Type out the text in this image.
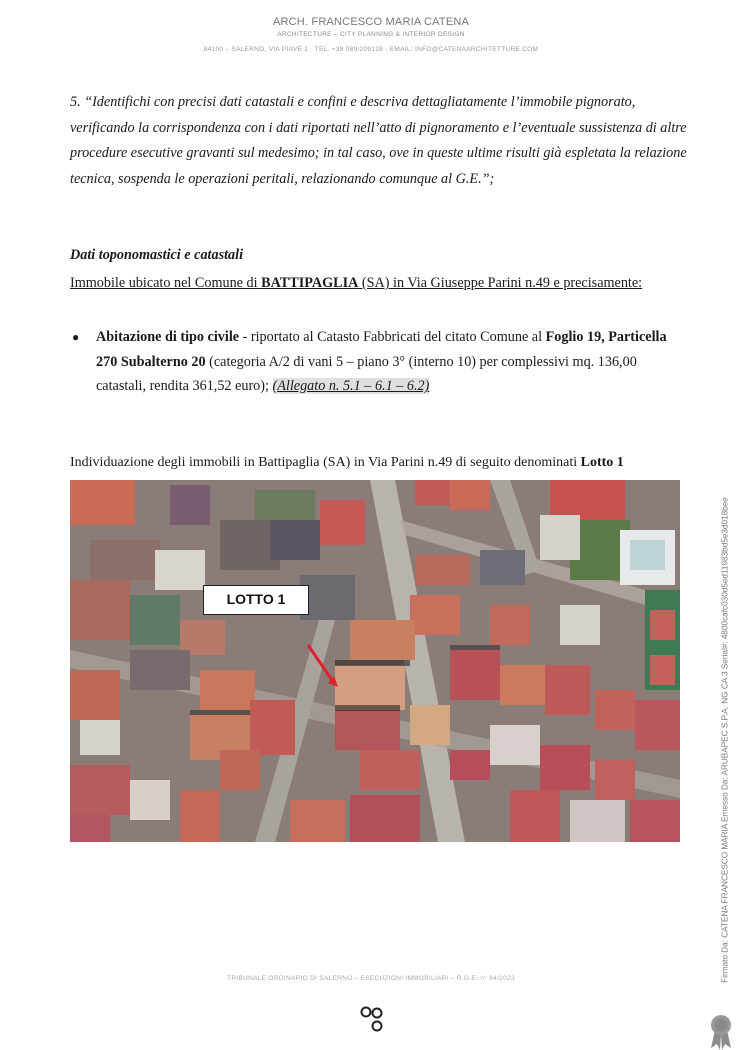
ARCH. FRANCESCO MARIA CATENA
ARCHITECTURE – CITY PLANNING & INTERIOR DESIGN
84100 – SALERNO, VIA PIAVE 1 · TEL. +39 089/209128 · EMAIL: INFO@CATENAARCHITETTURE.COM
5. “Identifichi con precisi dati catastali e confini e descriva dettagliatamente l’immobile pignorato, verificando la corrispondenza con i dati riportati nell’atto di pignoramento e l’eventuale sussistenza di altre procedure esecutive gravanti sul medesimo; in tal caso, ove in queste ultime risulti già espletata la relazione tecnica, sospenda le operazioni peritali, relazionando comunque al G.E.”;
Dati toponomastici e catastali
Immobile ubicato nel Comune di BATTIPAGLIA (SA) in Via Giuseppe Parini n.49 e precisamente:
●	Abitazione di tipo civile - riportato al Catasto Fabbricati del citato Comune al Foglio 19, Particella 270 Subalterno 20 (categoria A/2 di vani 5 – piano 3° (interno 10) per complessivi mq. 136,00 catastali, rendita 361,52 euro); (Allegato n. 5.1 – 6.1 – 6.2)
Individuazione degli immobili in Battipaglia (SA) in Via Parini n.49 di seguito denominati Lotto 1
LOTTO 1
TRIBUNALE ORDINARIO DI SALERNO – ESECUZIONI IMMOBILIARI – R.G.E. n° 84/2023	Firmato Da: CATENA FRANCESCO MARIA Emesso Da: ARUBAPEC S.P.A. NG CA 3 Serial#: 4800cafc030d5ed11983bd5e3d018bee
